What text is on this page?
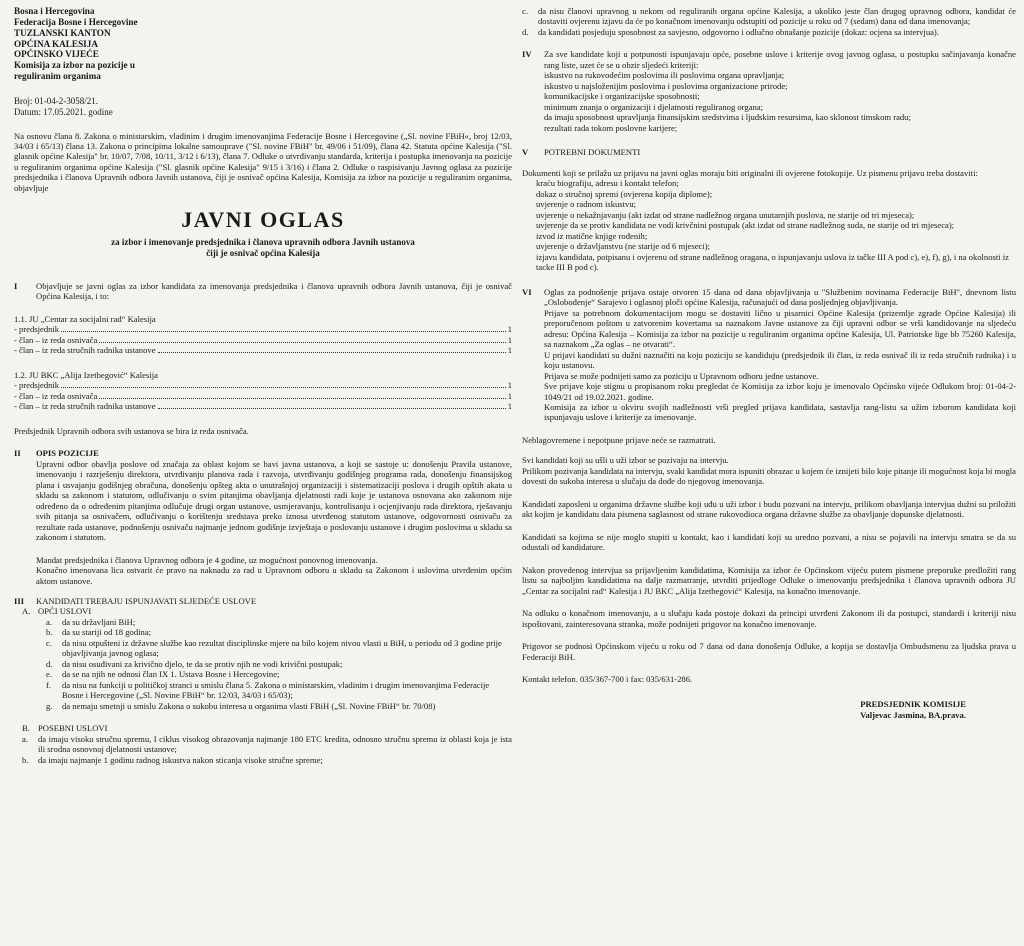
Bosna i Hercegovina

Federacija Bosne i Hercegovine

TUZLANSKI KANTON

OPĆINA KALESIJA

OPĆINSKO VIJEĆE

Komisija za izbor na pozicije u

reguliranim organima

Broj: 01-04-2-3058/21.

Datum: 17.05.2021. godine

Na osnovu člana 8. Zakona o ministarskim, vladinim i drugim imenovanjima Federacije Bosne i Hercegovine („Sl. novine FBiH«, broj 12/03, 34/03 i 65/13) člana 13. Zakona o principima lokalne samouprave ("Sl. novine FBiH" br. 49/06 i 51/09), člana 42. Statuta općine Kalesija ("Sl. glasnik općine Kalesija" br. 10/07, 7/08, 10/11, 3/12 i 6/13), člana 7. Odluke o utvrđivanju standarda, kriterija i postupka imenovanja na pozicije u reguliranim organima općine Kalesija ("Sl. glasnik općine Kalesija" 9/15 i 3/16) i člana 2. Odluke o raspisivanju Javnog oglasa za pozicije predsjednika i članova Upravnih odbora Javnih ustanova, čiji je osnivač općina Kalesija, Komisija za izbor na pozicije u reguliranim organima, objavljuje

JAVNI OGLAS

za izbor i imenovanje predsjednika i članova upravnih odbora Javnih ustanova

čiji je osnivač općina Kalesija

I	Objavljuje se javni oglas za izbor kandidata za imenovanja predsjednika i članova upravnih odbora Javnih ustanova, čiji je osnivač Općina Kalesija, i to:

1.1. JU „Centar za socijalni rad“ Kalesija

- predsjednik	1
- član – iz reda osnivača	1
- član – iz reda stručnih radnika ustanove	1

1.2. JU BKC „Alija Izetbegović“ Kalesija

- predsjednik	1
- član – iz reda osnivača	1
- član – iz reda stručnih radnika ustanove	1

Predsjednik Upravnih odbora svih ustanova se bira iz reda osnivača.

II	OPIS POZICIJE

Upravni odbor obavlja poslove od značaja za oblast kojom se bavi javna ustanova, a koji se sastoje u: donošenju Pravila ustanove, imenovanju i razrješenju direktora, utvrđivanju planova rada i razvoja, utvrđivanju godišnjeg programa rada, donošenju finansijskog plana i usvajanju godišnjeg obračuna, donošenju opšteg akta o unutrašnjoj organizaciji i sistematizaciji poslova i drugih opštih akata u skladu sa zakonom i statutom, odlučivanju o svim pitanjima obavljanja djelatnosti radi koje je ustanova osnovana ako zakonom nije određeno da o određenim pitanjima odlučuje drugi organ ustanove, usmjeravanju, kontrolisanju i ocjenjivanju rada direktora, rješavanju svih pitanja sa osnivačem, odlučivanju o korištenju sredstava preko iznosa utvrđenog statutom ustanove, odgovornosti osnivaču za rezultate rada ustanove, podnošenju osnivaču najmanje jednom godišnje izvještaja o poslovanju ustanove i drugim poslovima u skladu sa zakonom i statutom.

Mandat predsjednika i članova Upravnog odbora je 4 godine, uz mogućnost ponovnog imenovanja.

Konačno imenovana lica ostvarit će pravo na naknadu za rad u Upravnom odboru u skladu sa Zakonom i uslovima utvrđenim općim aktom ustanove.

III	KANDIDATI TREBAJU ISPUNJAVATI SLJEDEĆE USLOVE

A. OPĆI USLOVI
a.	da su državljani BiH;
b.	da su stariji od 18 godina;
c.	da nisu otpušteni iz državne službe kao rezultat disciplinske mjere na bilo kojem nivou vlasti u BiH, u periodu od 3 godine prije objavljivanja javnog oglasa;
d.	da nisu osuđivani za krivično djelo, te da se protiv njih ne vodi krivični postupak;
e.	da se na njih ne odnosi član IX 1. Ustava Bosne i Hercegovine;
f.	da nisu na funkciji u političkoj stranci u smislu člana 5. Zakona o ministarskim, vladinim i drugim imenovanjima Federacije Bosne i Hercegovine („Sl. Novine FBiH“ br. 12/03, 34/03 i 65/03);
g.	da nemaju smetnji u smislu Zakona o sukobu interesa u organima vlasti FBiH („Sl. Novine FBiH“ br. 70/08)
B. POSEBNI USLOVI
a.	da imaju visoku stručnu spremu, I ciklus visokog obrazovanja najmanje 180 ETC kredita, odnosno stručnu spremu iz oblasti koja je ista ili srodna osnovnoj djelatnosti ustanove;
b.	da imaju najmanje 1 godinu radnog iskustva nakon sticanja visoke stručne spreme;
c.	da nisu članovi upravnog u nekom od reguliranih organa općine Kalesija, a ukoliko jeste član drugog upravnog odbora, kandidat će dostaviti ovjerenu izjavu da će po konačnom imenovanju odstupiti od pozicije u roku od 7 (sedam) dana od dana imenovanja;
d.	da kandidati posjeduju sposobnost za savjesno, odgovorno i odlučno obnašanje pozicije (dokaz: ocjena sa intervjua).
IV	Za sve kandidate koji u potpunosti ispunjavaju opće, posebne uslove i kriterije ovog javnog oglasa, u postupku sačinjavanja konačne rang liste, uzet će se u obzir sljedeći kriteriji:

iskustvo na rukovodećim poslovima ili poslovima organa upravljanja;

iskustvo u najsloženijim poslovima i poslovima organizacione prirode;

komunikacijske i organizacijske sposobnosti;

minimum znanja o organizaciji i djelatnosti reguliranog organa;

da imaju sposobnost upravljanja finansijskim sredstvima i ljudskim resursima, kao sklonost timskom radu;

rezultati rada tokom poslovne karijere;

V	POTREBNI DOKUMENTI

Dokumenti koji se prilažu uz prijavu na javni oglas moraju biti originalni ili ovjerene fotokopije. Uz pismenu prijavu treba dostaviti:

kraću biografiju, adresu i kontakt telefon;

dokaz o stručnoj spremi (ovjerena kopija diplome);

uvjerenje o radnom iskustvu;

uvjerenje o nekažnjavanju (akt izdat od strane nadležnog organa unutarnjih poslova, ne starije od tri mjeseca);

uvjerenje da se protiv kandidata ne vodi krivčnini postupak (akt izdat od strane nadležnog suda, ne starije od tri mjeseca);

izvod iz matične knjige rođenih;

uvjerenje o državljanstvu (ne starije od 6 mjeseci);

izjavu kandidata, potpisanu i ovjerenu od strane nadležnog oragana, o ispunjavanju uslova iz tačke III A pod c), e), f), g), i na okolnosti iz tacke III B pod c).

VI	Oglas za podnošenje prijava ostaje otvoren 15 dana od dana objavljivanja u "Službenim novinama Federacije BiH", dnevnom listu „Oslobođenje“ Sarajevo i oglasnoj ploči općine Kalesija, računajući od dana posljednjeg objavljivanja.

Prijave sa potrebnom dokumentacijom mogu se dostaviti lično u pisarnici Općine Kalesija (prizemlje zgrade Općine Kalesija) ili preporučenom poštom u zatvorenim kovertama sa naznakom Javne ustanove za čiji upravni odbor se vrši kandidovanje na sljedeću adresu: Općina Kalesija – Komisija za izbor na pozicije u reguliranim organima općine Kalesija, Ul. Patriotske lige bb 75260 Kalesija, sa naznakom „Za oglas – ne otvarati“.

U prijavi kandidati su dužni naznačiti na koju poziciju se kandiduju (predsjednik ili član, iz reda osnivač ili iz reda stručnih radnika) i u koju ustanovu.

Prijava se može podnijeti samo za poziciju u Upravnom odboru jedne ustanove.

Sve prijave koje stignu u propisanom roku pregledat će Komisija za izbor koju je imenovalo Općinsko vijeće Odlukom broj: 01-04-2-1049/21 od 19.02.2021. godine.

Komisija za izbor u okviru svojih nadležnosti vrši pregled prijava kandidata, sastavlja rang-listu sa užim izborom kandidata koji ispunjavaju uslove i kriterije za imenovanje.

Neblagovremene i nepotpune prijave neće se razmatrati.

Svi kandidati koji su ušli u uži izbor se pozivaju na intervju.

Prilikom pozivanja kandidata na intervju, svaki kandidat mora ispuniti obrazac u kojem će iznijeti bilo koje pitanje ili mogućnost koja bi mogla dovesti do sukoba interesa u slučaju da dođe do njegovog imenovanja.

Kandidati zaposleni u organima državne službe koji uđu u uži izbor i budu pozvani na intervju, prilikom obavljanja intervjua dužni su priložiti akt kojim je kandidatu data pismena saglasnost od strane rukovodioca organa državne službe za obavljanje dopunske djelatnosti.

Kandidati sa kojima se nije moglo stupiti u kontakt, kao i kandidati koji su uredno pozvani, a nisu se pojavili na intervju smatra se da su odustali od kandidature.

Nakon provedenog intervjua sa prijavljenim kandidatima, Komisija za izbor će Općinskom vijeću putem pismene preporuke predložiti rang listu sa najboljim kandidatima na dalje razmatranje, utvrditi prijedloge Odluke o imenovanju predsjednika i članova upravnih odbora JU „Centar za socijalni rad“ Kalesija i JU BKC „Alija Izetbegović“ Kalesija, na konačno imenovanje.

Na odluku o konačnom imenovanju, a u slučaju kada postoje dokazi da principi utvrđeni Zakonom ili da postupci, standardi i kriteriji nisu ispoštovani, zainteresovana stranka, može podnijeti prigovor na konačno imenovanje.

Prigovor se podnosi Općinskom vijeću u roku od 7 dana od dana donošenja Odluke, a kopija se dostavlja Ombudsmenu za ljudska prava u Federaciji BiH.

Kontakt telefon. 035/367-700 i fax: 035/631-286.

PREDSJEDNIK KOMISIJE

Valjevac Jasmina, BA.prava.
